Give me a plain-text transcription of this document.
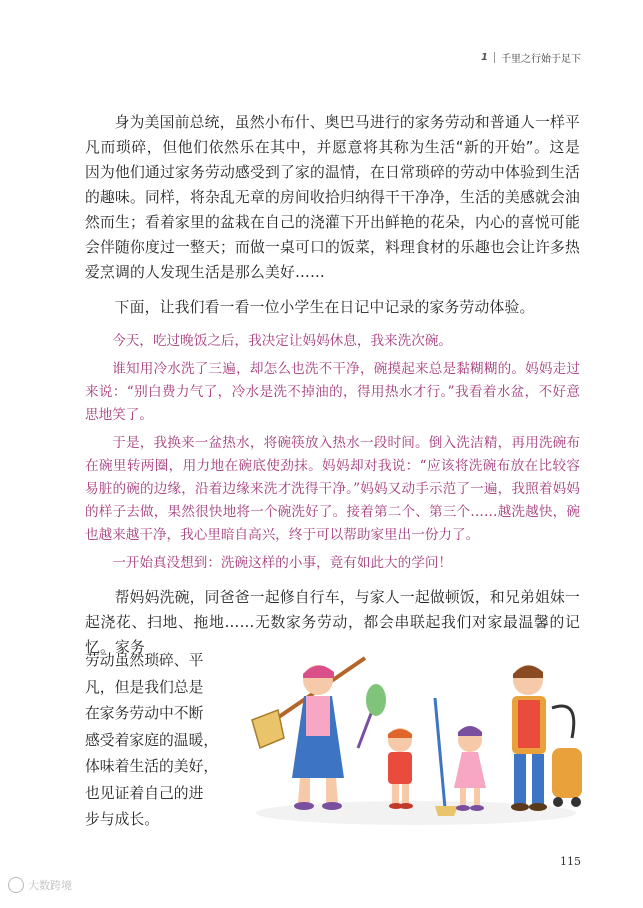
1 千里之行始于足下

身为美国前总统，虽然小布什、奥巴马进行的家务劳动和普通人一样平凡而琐碎，但他们依然乐在其中，并愿意将其称为生活“新的开始”。这是因为他们通过家务劳动感受到了家的温情，在日常琐碎的劳动中体验到生活的趣味。同样，将杂乱无章的房间收拾归纳得干干净净，生活的美感就会油然而生；看着家里的盆栽在自己的浇灌下开出鲜艳的花朵，内心的喜悦可能会伴随你度过一整天；而做一桌可口的饭菜，料理食材的乐趣也会让许多热爱烹调的人发现生活是那么美好……

下面，让我们看一看一位小学生在日记中记录的家务劳动体验。

今天，吃过晚饭之后，我决定让妈妈休息，我来洗次碗。

谁知用冷水洗了三遍，却怎么也洗不干净，碗摸起来总是黏糊糊的。妈妈走过来说：“别白费力气了，冷水是洗不掉油的，得用热水才行。”我看着水盆，不好意思地笑了。

于是，我换来一盆热水，将碗筷放入热水一段时间。倒入洗洁精，再用洗碗布在碗里转两圈，用力地在碗底使劲抹。妈妈却对我说：“应该将洗碗布放在比较容易脏的碗的边缘，沿着边缘来洗才洗得干净。”妈妈又动手示范了一遍，我照着妈妈的样子去做，果然很快地将一个碗洗好了。接着第二个、第三个……越洗越快，碗也越来越干净，我心里暗自高兴，终于可以帮助家里出一份力了。

一开始真没想到：洗碗这样的小事，竟有如此大的学问！

帮妈妈洗碗，同爸爸一起修自行车，与家人一起做顿饭，和兄弟姐妹一起浇花、扫地、拖地……无数家务劳动，都会串联起我们对家最温馨的记忆。家务

劳动虽然琐碎、平
凡，但是我们总是
在家务劳动中不断
感受着家庭的温暖，
体味着生活的美好，
也见证着自己的进
步与成长。
115
大数跨境
